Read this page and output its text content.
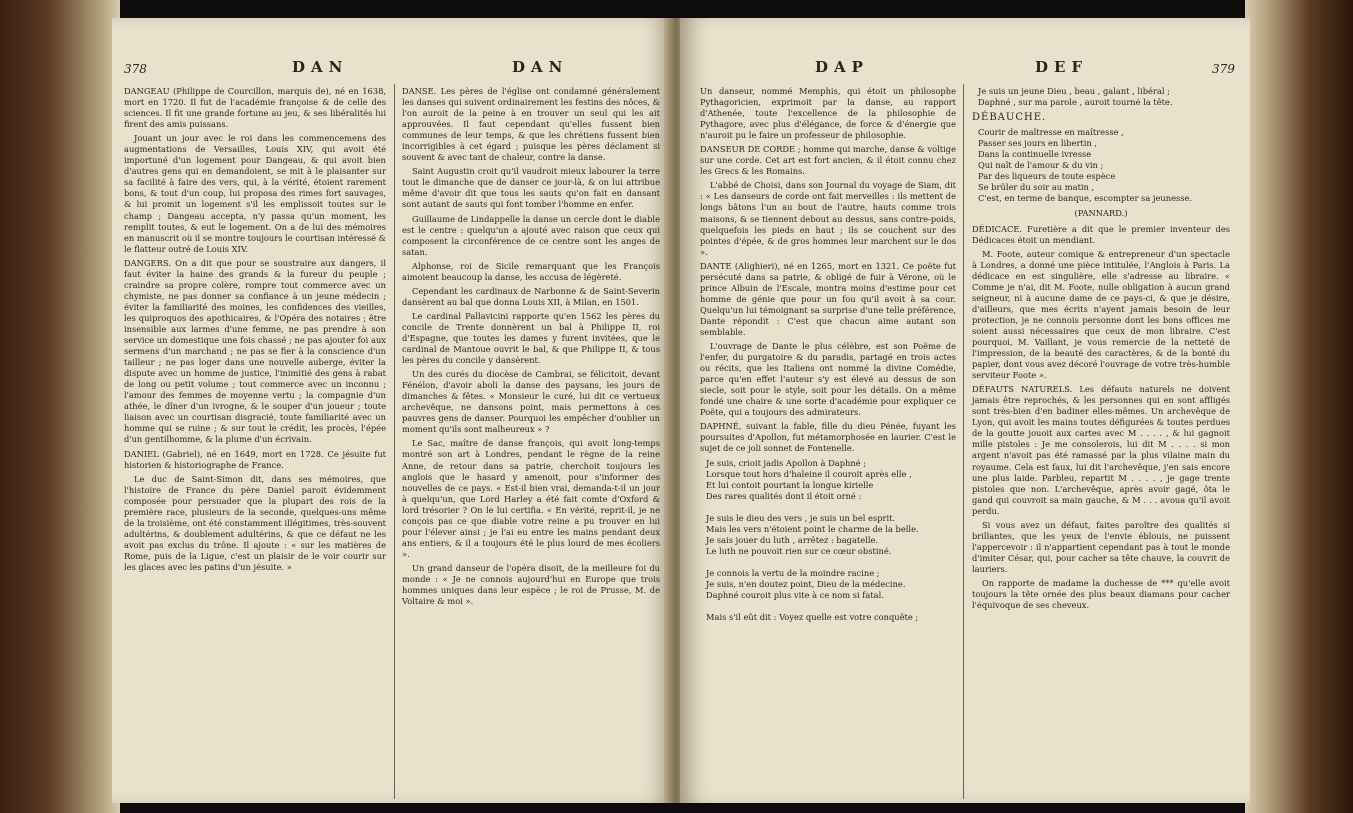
378	DAN	DAN

DANGEAU (Philippe de Courcillon, marquis de), né en 1638, mort en 1720. Il fut de l'académie françoise & de celle des sciences. Il fit une grande fortune au jeu, & ses libéralités lui firent des amis puissans.

Jouant un jour avec le roi dans les commencemens des augmentations de Versailles, Louis XIV, qui avoit été importuné d'un logement pour Dangeau, & qui avoit bien d'autres gens qui en demandoient, se mit à le plaisanter sur sa facilité à faire des vers, qui, à la vérité, étoient rarement bons, & tout d'un coup, lui proposa des rimes fort sauvages, & lui promit un logement s'il les emplissoit toutes sur le champ ; Dangeau accepta, n'y passa qu'un moment, les remplit toutes, & eut le logement. On a de lui des mémoires en manuscrit où il se montre toujours le courtisan intéressé & le flatteur outré de Louis XIV.

DANGERS. On a dit que pour se soustraire aux dangers, il faut éviter la haine des grands & la fureur du peuple ; craindre sa propre colère, rompre tout commerce avec un chymiste, ne pas donner sa confiance à un jeune médecin ; éviter la familiarité des moines, les confidences des vieilles, les quiproquos des apothicaires, & l'Opéra des notaires ; être insensible aux larmes d'une femme, ne pas prendre à son service un domestique une fois chassé ; ne pas ajouter foi aux sermens d'un marchand ; ne pas se fier à la conscience d'un tailleur ; ne pas loger dans une nouvelle auberge, éviter la dispute avec un homme de justice, l'inimitié des gens à rabat de long ou petit volume ; tout commerce avec un inconnu ; l'amour des femmes de moyenne vertu ; la compagnie d'un athée, le dîner d'un ivrogne, & le souper d'un joueur ; toute liaison avec un courtisan disgracié, toute familiarité avec un homme qui se ruine ; & sur tout le crédit, les procès, l'épée d'un gentilhomme, & la plume d'un écrivain.

DANIEL (Gabriel), né en 1649, mort en 1728. Ce jésuite fut historien & historiographe de France.

Le duc de Saint-Simon dit, dans ses mémoires, que l'histoire de France du père Daniel paroit évidemment composée pour persuader que la plupart des rois de la première race, plusieurs de la seconde, quelques-uns même de la troisième, ont été constamment illégitimes, très-souvent adultérins, & doublement adultérins, & que ce défaut ne les avoit pas exclus du trône. Il ajoute : « sur les matières de Rome, puis de la Ligue, c'est un plaisir de le voir courir sur les glaces avec les patins d'un jésuite. »

DANSE. Les pères de l'église ont condamné généralement les danses qui suivent ordinairement les festins des nôces, & l'on auroit de la peine à en trouver un seul qui les ait approuvées. Il faut cependant qu'elles fussent bien communes de leur temps, & que les chrétiens fussent bien incorrigibles à cet égard ; puisque les pères déclament si souvent & avec tant de chaleur, contre la danse.

Saint Augustin croit qu'il vaudroit mieux labourer la terre tout le dimanche que de danser ce jour-là, & on lui attribue même d'avoir dit que tous les sauts qu'on fait en dansant sont autant de sauts qui font tomber l'homme en enfer.

Guillaume de Lindappelle la danse un cercle dont le diable est le centre : quelqu'un a ajouté avec raison que ceux qui composent la circonférence de ce centre sont les anges de satan.

Alphonse, roi de Sicile remarquant que les François aimoient beaucoup la danse, les accusa de légèreté.

Cependant les cardinaux de Narbonne & de Saint-Severin dansèrent au bal que donna Louis XII, à Milan, en 1501.

Le cardinal Pallavicini rapporte qu'en 1562 les pères du concile de Trente donnèrent un bal à Philippe II, roi d'Espagne, que toutes les dames y furent invitées, que le cardinal de Mantoue ouvrit le bal, & que Philippe II, & tous les pères du concile y dansèrent.

Un des curés du diocèse de Cambrai, se félicitoit, devant Fénélon, d'avoir aboli la danse des paysans, les jours de dimanches & fêtes. « Monsieur le curé, lui dit ce vertueux archevêque, ne dansons point, mais permettons à ces pauvres gens de danser. Pourquoi les empêcher d'oublier un moment qu'ils sont malheureux » ?

Le Sac, maître de danse françois, qui avoit long-temps montré son art à Londres, pendant le règne de la reine Anne, de retour dans sa patrie, cherchoit toujours les anglois que le hasard y amenoit, pour s'informer des nouvelles de ce pays. « Est-il bien vrai, demanda-t-il un jour à quelqu'un, que Lord Harley a été fait comte d'Oxford & lord trésorier ? On le lui certifia. « En vérité, reprit-il, je ne conçois pas ce que diable votre reine a pu trouver en lui pour l'élever ainsi ; je l'ai eu entre les mains pendant deux ans entiers, & il a toujours été le plus lourd de mes écoliers ».

Un grand danseur de l'opéra disoit, de la meilleure foi du monde : « Je ne connois aujourd'hui en Europe que trois hommes uniques dans leur espèce ; le roi de Prusse, M. de Voltaire & moi ».

DAP	DEF	379

Un danseur, nommé Memphis, qui étoit un philosophe Pythagoricien, exprimoit par la danse, au rapport d'Athenée, toute l'excellence de la philosophie de Pythagore, avec plus d'élégance, de force & d'énergie que n'auroit pu le faire un professeur de philosophie.

DANSEUR DE CORDE ; homme qui marche, danse & voltige sur une corde. Cet art est fort ancien, & il étoit connu chez les Grecs & les Romains.

L'abbé de Choisi, dans son Journal du voyage de Siam, dit : « Les danseurs de corde ont fait merveilles : ils mettent de longs bâtons l'un au bout de l'autre, hauts comme trois maisons, & se tiennent debout au dessus, sans contre-poids, quelquefois les pieds en haut ; ils se couchent sur des pointes d'épée, & de gros hommes leur marchent sur le dos ».

DANTE (Alighieri), né en 1265, mort en 1321. Ce poëte fut persécuté dans sa patrie, & obligé de fuir à Vérone, où le prince Albuin de l'Escale, montra moins d'estime pour cet homme de génie que pour un fou qu'il avoit à sa cour. Quelqu'un lui témoignant sa surprise d'une telle préférence, Dante répondit : C'est que chacun aime autant son semblable.

L'ouvrage de Dante le plus célèbre, est son Poëme de l'enfer, du purgatoire & du paradis, partagé en trois actes ou récits, que les Italiens ont nommé la divine Comédie, parce qu'en effet l'auteur s'y est élevé au dessus de son siecle, soit pour le style, soit pour les détails. On a même fondé une chaire & une sorte d'académie pour expliquer ce Poëte, qui a toujours des admirateurs.

DAPHNÉ, suivant la fable, fille du dieu Pénée, fuyant les poursuites d'Apollon, fut métamorphosée en laurier. C'est le sujet de ce joli sonnet de Fontenelle.

Je suis, crioit jadis Apollon à Daphné ;
Lorsque tout hors d'haleine il couroit après elle ,
Et lui contoit pourtant la longue kirielle
Des rares qualités dont il étoit orné :

Je suis le dieu des vers , je suis un bel esprit.
Mais les vers n'étoient point le charme de la belle.
Je sais jouer du luth , arrêtez : bagatelle.
Le luth ne pouvoit rien sur ce cœur obstiné.

Je connois la vertu de la moindre racine ;
Je suis, n'en doutez point, Dieu de la médecine.
Daphné couroit plus vite à ce nom si fatal.

Mais s'il eût dit : Voyez quelle est votre conquête ;
Je suis un jeune Dieu , beau , galant , libéral ;
Daphné , sur ma parole , auroit tourné la tête.
DÉBAUCHE.
Courir de maîtresse en maîtresse ,
Passer ses jours en libertin ,
Dans la continuelle ivresse
Qui naît de l'amour & du vin ;
Par des liqueurs de toute espèce
Se brûler du soir au matin ,
C'est, en terme de banque, escompter sa jeunesse.
(PANNARD.)

DÉDICACE. Furetière a dit que le premier inventeur des Dédicaces étoit un mendiant.

M. Foote, auteur comique & entrepreneur d'un spectacle à Londres, a donné une pièce intitulée, l'Anglois à Paris. La dédicace en est singulière, elle s'adresse au libraire. « Comme je n'ai, dit M. Foote, nulle obligation à aucun grand seigneur, ni à aucune dame de ce pays-ci, & que je désire, d'ailleurs, que mes écrits n'ayent jamais besoin de leur protection, je ne connois personne dont les bons offices me soient aussi nécessaires que ceux de mon libraire. C'est pourquoi, M. Vaillant, je vous remercie de la netteté de l'impression, de la beauté des caractères, & de la bonté du papier, dont vous avez décoré l'ouvrage de votre très-humble serviteur Foote ».

DÉFAUTS NATURELS. Les défauts naturels ne doivent jamais être reprochés, & les personnes qui en sont affligés sont très-bien d'en badiner elles-mêmes. Un archevêque de Lyon, qui avoit les mains toutes défigurées & toutes perdues de la goutte jouoit aux cartes avec M . . . . , & lui gagnoit mille pistoles : Je me consolerois, lui dit M . . . . si mon argent n'avoit pas été ramassé par la plus vilaine main du royaume. Cela est faux, lui dit l'archevêque, j'en sais encore une plus laide. Parbleu, repartit M . . . . , je gage trente pistoles que non. L'archevêque, après avoir gagé, ôta le gand qui couvroit sa main gauche, & M . . . avoua qu'il avoit perdu.

Si vous avez un défaut, faites paroître des qualités si brillantes, que les yeux de l'envie éblouis, ne puissent l'appercevoir : il n'appartient cependant pas à tout le monde d'imiter César, qui, pour cacher sa tête chauve, la couvrit de lauriers.

On rapporte de madame la duchesse de *** qu'elle avoit toujours la tête ornée des plus beaux diamans pour cacher l'équivoque de ses cheveux.
